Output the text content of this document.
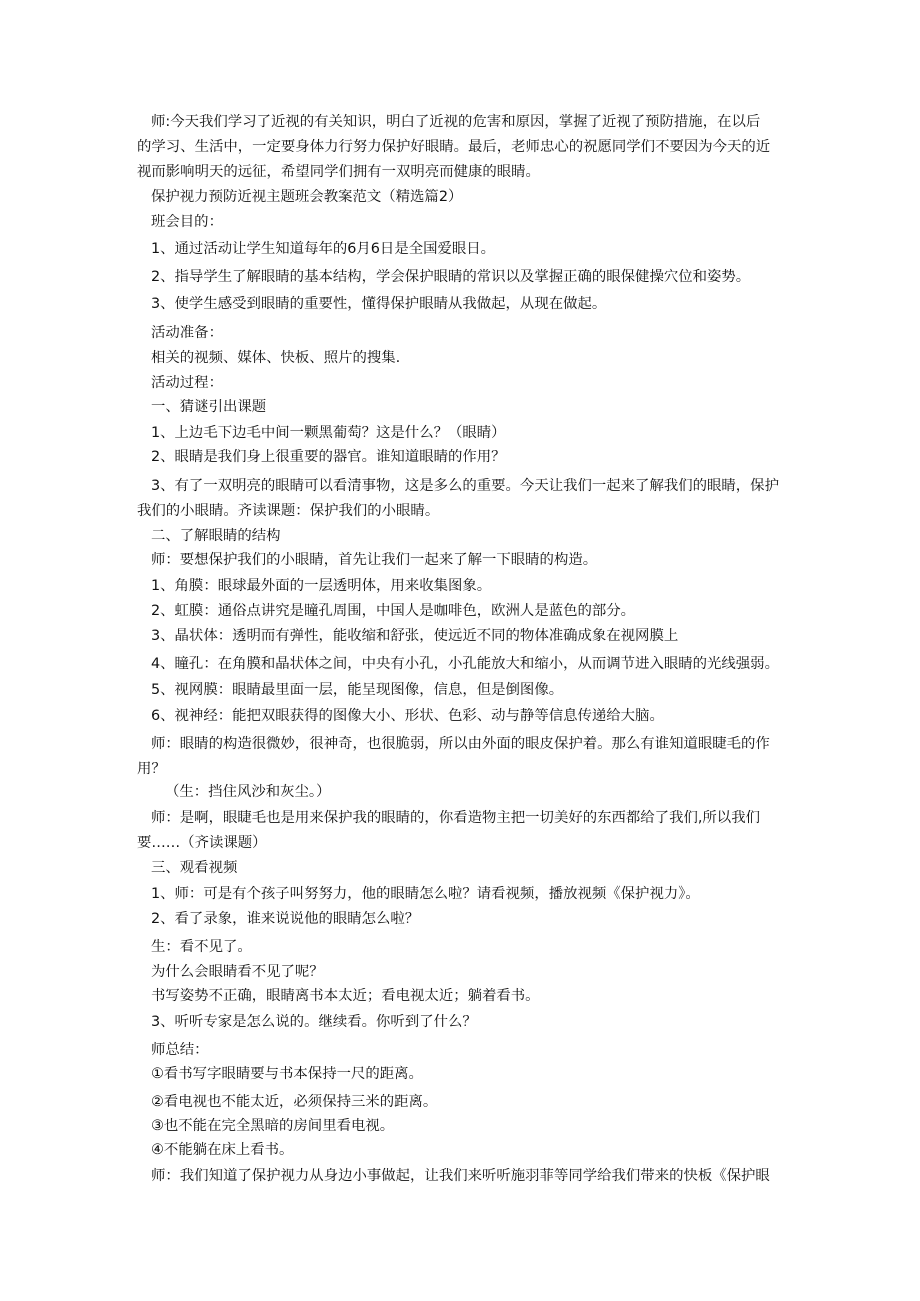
师:今天我们学习了近视的有关知识，明白了近视的危害和原因，掌握了近视了预防措施，在以后
的学习、生活中，一定要身体力行努力保护好眼睛。最后，老师忠心的祝愿同学们不要因为今天的近
视而影响明天的远征，希望同学们拥有一双明亮而健康的眼睛。
保护视力预防近视主题班会教案范文（精选篇2）
班会目的：
1、通过活动让学生知道每年的6月6日是全国爱眼日。
2、指导学生了解眼睛的基本结构，学会保护眼睛的常识以及掌握正确的眼保健操穴位和姿势。
3、使学生感受到眼睛的重要性，懂得保护眼睛从我做起，从现在做起。
活动准备：
相关的视频、媒体、快板、照片的搜集.
活动过程：
一、猜谜引出课题
1、上边毛下边毛中间一颗黑葡萄？这是什么？（眼睛）
2、眼睛是我们身上很重要的器官。谁知道眼睛的作用？
3、有了一双明亮的眼睛可以看清事物，这是多么的重要。今天让我们一起来了解我们的眼睛，保护
我们的小眼睛。齐读课题：保护我们的小眼睛。
二、了解眼睛的结构
师：要想保护我们的小眼睛，首先让我们一起来了解一下眼睛的构造。
1、角膜：眼球最外面的一层透明体，用来收集图象。
2、虹膜：通俗点讲究是瞳孔周围，中国人是咖啡色，欧洲人是蓝色的部分。
3、晶状体：透明而有弹性，能收缩和舒张，使远近不同的物体准确成象在视网膜上
4、瞳孔：在角膜和晶状体之间，中央有小孔，小孔能放大和缩小，从而调节进入眼睛的光线强弱。
5、视网膜：眼睛最里面一层，能呈现图像，信息，但是倒图像。
6、视神经：能把双眼获得的图像大小、形状、色彩、动与静等信息传递给大脑。
师：眼睛的构造很微妙，很神奇，也很脆弱，所以由外面的眼皮保护着。那么有谁知道眼睫毛的作
用？
（生：挡住风沙和灰尘。）
师：是啊，眼睫毛也是用来保护我的眼睛的，你看造物主把一切美好的东西都给了我们,所以我们
要……（齐读课题）
三、观看视频
1、师：可是有个孩子叫努努力，他的眼睛怎么啦？请看视频，播放视频《保护视力》。
2、看了录象，谁来说说他的眼睛怎么啦？
生：看不见了。
为什么会眼睛看不见了呢？
书写姿势不正确，眼睛离书本太近；看电视太近；躺着看书。
3、听听专家是怎么说的。继续看。你听到了什么？
师总结：
①看书写字眼睛要与书本保持一尺的距离。
②看电视也不能太近，必须保持三米的距离。
③也不能在完全黑暗的房间里看电视。
④不能躺在床上看书。
师：我们知道了保护视力从身边小事做起，让我们来听听施羽菲等同学给我们带来的快板《保护眼
